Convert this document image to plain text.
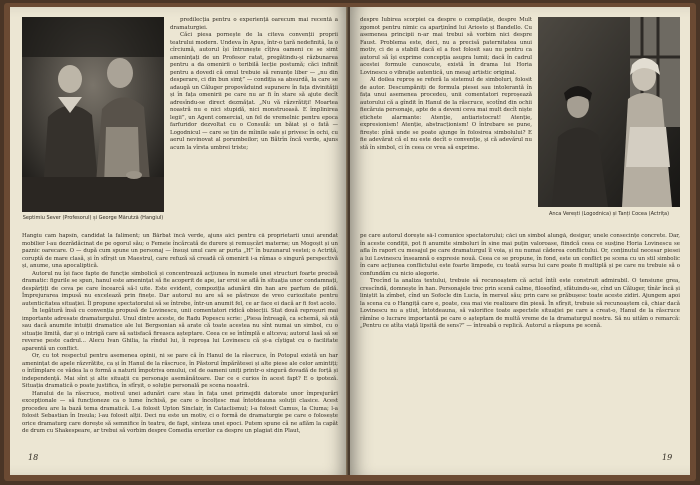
Septimiu Sever (Profesorul) și George Mărutză (Hangiul)

predilecția pentru o experiență oarecum mai recentă a dramaturgiei.

Căci piesa pornește de la citeva convenții proprii teatrului modern. Undeva în Apus, într-o țară nedefinită, la o cîrciumă, autorul își întrunește cîțiva oameni ce se simt amenințați de un Profesor ratat, pregătindu-și răzbunarea pentru a da omenirii o teribilă lecție postumă; căci infinit pentru a dovedi că omul trebuie să renunțe liber — „nu din desperare, ci din bun simț” — condiția sa absurdă, la care se adaugă un Căluger propovăduind supunere în fața divinității și în fața omenirii pe care nu ar fi în stare să ajute decît adresîndu-se direct dezmățat. „Nu vă răzvrătiți! Moartea noastră nu e nici stupidă, nici monstruoasă. E împlinirea legii”, un Agent comercial, un fel de vremelnic pentru epoca farfuridor dezvoltat cu o Consulă: un băiat și o fată — Logodnicul — care se țin de mîinile sale și privesc în ochi, cu aerul nevinovat al porumbeilor; un Bătrîn încă verde, ajuns acum la vîrsta umbrei triste;

Hangiu cam hapsîn, candidat la faliment; un Bărbat încă verde, ajuns aici pentru că proprietarii unui arendat mobilier l-au dezrădăcinat de pe ogorul său; o Femeie încărcată de durere și remușcări materne; un Mogoșit și un paznic oarecare. O — după cum spune un personaj — însuși unul care ar purta „H” în buzunarul vestei; o Actriță, coruptă de mare clasă, și în sfîrșit un Maestrul, care refuză să creadă că omenirii i-a rămas o singură perspectivă și, anume, una apocaliptică.

Autorul nu își face fapte de funcție simbolică și concentrează acțiunea în numele unei structuri foarte precisă dramatic: figurile se spun, hanul este amenințat să fie acoperit de ape, iar eroii se află în situația unor condamnați, despărțiți de ceva pe care încearcă să-l uite. Este evident, compoziția adunării din han are parfum de pildă. Împrejurarea impusă nu excelează prin finețe. Dar autorul nu are să se păstreze de vreo curiozitate pentru autenticitatea situației. Îl propune spectatorului să se întrebe, într-un anumit fel, ce ar face ei dacă ar fi fost acolo.

În legătură însă cu convenția propusă de Lovinescu, unii comentatori ridică obiecții. Stat două reproșuri mai importante adresate dramaturgului. Unul dintre aceste, de Radu Popescu scrie: „Piesa întreagă, ca schemă, să stă sau dacă anumite intuiții dramatice ale lui Bergsonian să arate că toate acestea nu sînt numai un simbol, cu o situație limită, dar și o intrigă care să satisfacă fireasca așteptare. Ceea ce se întîmplă e altceva; autorul lasă să se reverse peste cadrul... Alecu Ivan Ghilia, la rîndul lui, îi reproșa lui Lovinescu că și-a cîștigat cu o facilitate aparentă un conflict.

Or, cu tot respectul pentru asemenea opinii, ni se pare că în Hanul de la răscruce, în Potopul există un har amenințat de apele răzvrătite, ca și în Hanul de la răscruce, în Păstorul împărătesei și alte piese ale celor amintiți; o întîmplare ce vădea la o formă a naturii împotriva omului, cel de oameni uniți printr-o singură dovadă de forță și independență. Mai sînt și alte situații cu personaje asemănătoare. Dar ce e curios în acest fapt? E o ipoteză. Situația dramatică o poate justifica, în sfîrșit, o soluție personală pe scena noastră.

Hanului de la răscruce, motivul unei adunări care stau în fața unei primejdii datorate unor împrejurări excepționale — să funcționeze ca o lume închisă, pe care o încolțesc mai întotdeauna soluții clasice. Acest procedeu are la bază tema dramatică. L-a folosit Upton Sinclair, în Cataclismul; l-a folosit Camus, la Ciuma; l-a folosit Sebastian în Insula; l-au folosit alții. Deci nu este un motiv, ci o formă de dramaturgie pe care o folosește orice dramaturg care dorește să semnifice în teatru, de fapt, sinteza unei epoci. Putem spune că ne aflăm la capăt de drum cu Shakespeare, ar trebui să vorbim despre Comedia erorilor ca despre un plagiat din Plaut,

18

despre Iubirea scorpiei ca despre o compilație, despre Mult zgomot pentru nimic ca aparținînd lui Ariosto și Bandello. Cu asemenea principii n-ar mai trebui să vorbim nici despre Faust. Problema este, deci, nu a precisă paternitatea unui motiv, ci de a stabili dacă el a fost folosit sau nu pentru ca autorul să își exprime concepția asupra lumii; dacă în cadrul acestei formule cunoscute, există în drama lui Horia Lovinescu o vibrație autentică, un mesaj artistic original.

Al doilea reproș se referă la sistemul de simboluri, folosit de autor. Descumpăniți de formula piesei sau intolerantă în fața unui asemenea procedeu, unii comentatori reproșează autorului că a gîndit în Hanul de la răscruce, scotînd din ochii fiecăruia personaje, apte de a deveni ceva mai mult decît niște etichete alarmante: Atenție, antiaristocrat! Atenție, expresionism! Atenție, abstracționism! O întrebare se pune, firește: pînă unde se poate ajunge în folosirea simbolului? E fie adevărat că el nu este decît o convenție, și că adevărul nu stă în simbol, ci în ceea ce vrea să exprime.

Anca Verești (Logodnica) și Tanți Cocea (Actrița)

pe care autorul dorește să-l comunice spectatorului; căci un simbol alungă, desigur, unele consecințe concrete. Dar, în aceste condiții, pot fi anumite simboluri în sine mai puțin valoroase, fiindcă ceea ce susține Horia Lovinescu se afla în raport cu mesajul pe care dramaturgul îl voia, și nu numai căderea conflictului. Or, conținutul necesar piesei a lui Lovinescu înseamnă o expresie nouă. Ceea ce se propune, în fond, este un conflict pe scena cu un stil simbolic în care acțiunea conflictului este foarte limpede, cu toată sursa lui care poate fi multiplă și pe care nu trebuie să o confundăm cu nicio alegorie.

Trecînd la analiza textului, trebuie să recunoaștem că actul întîi este construit admirabil. O tensiune grea, crescîndă, domnește în han. Personajele trec prin scenă calme, filosofînd, sfătuindu-se, cînd un Căluger, tînăr încă și liniștit la zîmbet, cînd un Sofocle din Lucia, în mersul său; prin care se prăbușesc toate aceste zidiri. Ajungem apoi la scena cu o Hangiță care e, poate, cea mai vie realizare din piesă. În sfîrșit, trebuie să recunoaștem că, chiar dacă Lovinescu nu a știut, întotdeauna, să valorifice toate aspectele situației pe care a creat-o, Hanul de la răscruce rămîne o lucrare importantă pe care o așteptam de multă vreme de la dramaturgul nostru. Să nu uităm o remarcă: „Pentru ce atîta viață lipsită de sens?” — întreabă o replică. Autorul a răspuns pe scenă.

19
